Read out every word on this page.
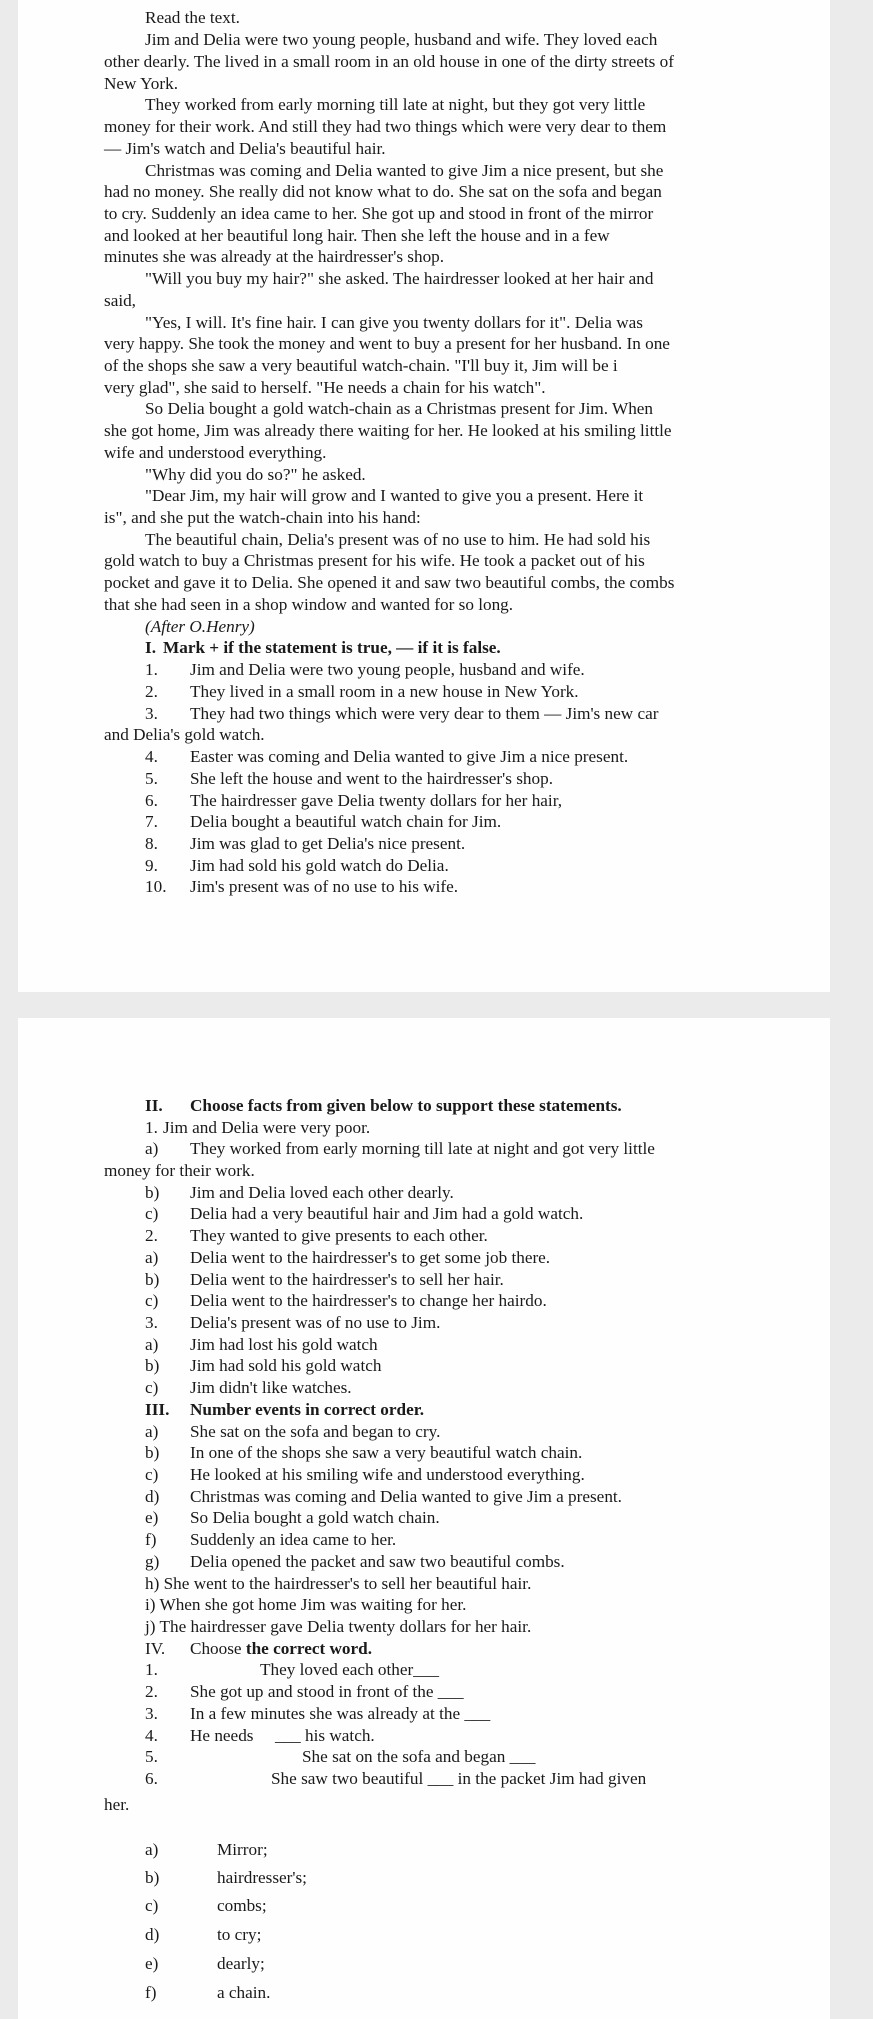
Read the text.
Jim and Delia were two young people, husband and wife. They loved each
other dearly. The lived in a small room in an old house in one of the dirty streets of
New York.
They worked from early morning till late at night, but they got very little
money for their work. And still they had two things which were very dear to them
— Jim's watch and Delia's beautiful hair.
Christmas was coming and Delia wanted to give Jim a nice present, but she
had no money. She really did not know what to do. She sat on the sofa and began
to cry. Suddenly an idea came to her. She got up and stood in front of the mirror
and looked at her beautiful long hair. Then she left the house and in a few
minutes she was already at the hairdresser's shop.
"Will you buy my hair?" she asked. The hairdresser looked at her hair and
said,
"Yes, I will. It's fine hair. I can give you twenty dollars for it". Delia was
very happy. She took the money and went to buy a present for her husband. In one
of the shops she saw a very beautiful watch-chain. "I'll buy it, Jim will be i
very glad", she said to herself. "He needs a chain for his watch".
So Delia bought a gold watch-chain as a Christmas present for Jim. When
she got home, Jim was already there waiting for her. He looked at his smiling little
wife and understood everything.
"Why did you do so?" he asked.
"Dear Jim, my hair will grow and I wanted to give you a present. Here it
is", and she put the watch-chain into his hand:
The beautiful chain, Delia's present was of no use to him. He had sold his
gold watch to buy a Christmas present for his wife. He took a packet out of his
pocket and gave it to Delia. She opened it and saw two beautiful combs, the combs
that she had seen in a shop window and wanted for so long.
(After O.Henry)
I. Mark + if the statement is true, — if it is false.
1. Jim and Delia were two young people, husband and wife.
2. They lived in a small room in a new house in New York.
3. They had two things which were very dear to them — Jim's new car
and Delia's gold watch.
4. Easter was coming and Delia wanted to give Jim a nice present.
5. She left the house and went to the hairdresser's shop.
6. The hairdresser gave Delia twenty dollars for her hair,
7. Delia bought a beautiful watch chain for Jim.
8. Jim was glad to get Delia's nice present.
9. Jim had sold his gold watch do Delia.
10. Jim's present was of no use to his wife.
II. Choose facts from given below to support these statements.
1. Jim and Delia were very poor.
a) They worked from early morning till late at night and got very little
money for their work.
b) Jim and Delia loved each other dearly.
c) Delia had a very beautiful hair and Jim had a gold watch.
2. They wanted to give presents to each other.
a) Delia went to the hairdresser's to get some job there.
b) Delia went to the hairdresser's to sell her hair.
c) Delia went to the hairdresser's to change her hairdo.
3. Delia's present was of no use to Jim.
a) Jim had lost his gold watch
b) Jim had sold his gold watch
c) Jim didn't like watches.
III. Number events in correct order.
a) She sat on the sofa and began to cry.
b) In one of the shops she saw a very beautiful watch chain.
c) He looked at his smiling wife and understood everything.
d) Christmas was coming and Delia wanted to give Jim a present.
e) So Delia bought a gold watch chain.
f) Suddenly an idea came to her.
g) Delia opened the packet and saw two beautiful combs.
h) She went to the hairdresser's to sell her beautiful hair.
i) When she got home Jim was waiting for her.
j) The hairdresser gave Delia twenty dollars for her hair.
IV. Choose the correct word.
1.	They loved each other___
2. She got up and stood in front of the ___
3. In a few minutes she was already at the ___
4. He needs     ___ his watch.
5.	She sat on the sofa and began ___
6.	She saw two beautiful ___ in the packet Jim had given
her.
a)	Mirror;
b)	hairdresser's;
c)	combs;
d)	to cry;
e)	dearly;
f)	a chain.
